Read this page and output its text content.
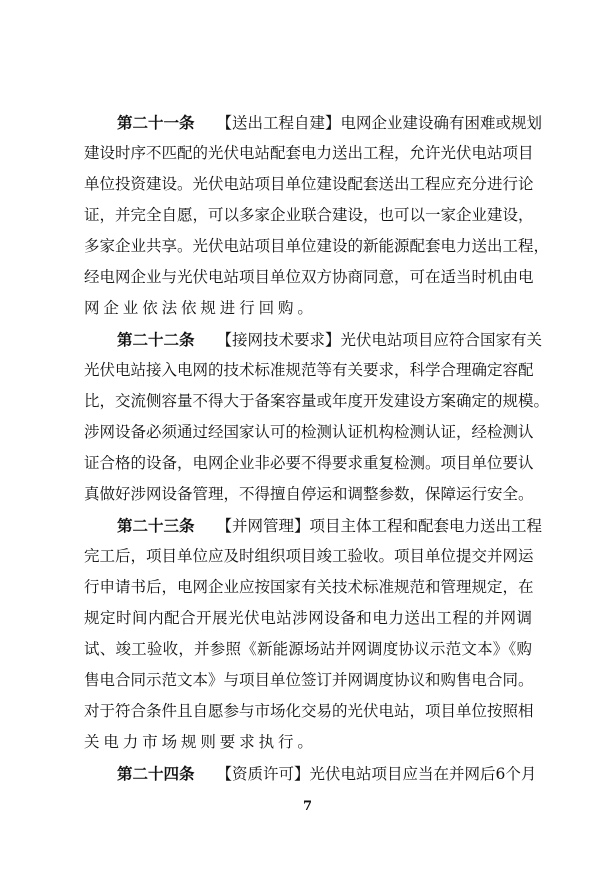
第二十一条 【送出工程自建】电网企业建设确有困难或规划
建设时序不匹配的光伏电站配套电力送出工程，允许光伏电站项目
单位投资建设。光伏电站项目单位建设配套送出工程应充分进行论
证，并完全自愿，可以多家企业联合建设，也可以一家企业建设，
多家企业共享。光伏电站项目单位建设的新能源配套电力送出工程，
经电网企业与光伏电站项目单位双方协商同意，可在适当时机由电
网企业依法依规进行回购。
第二十二条 【接网技术要求】光伏电站项目应符合国家有关
光伏电站接入电网的技术标准规范等有关要求，科学合理确定容配
比，交流侧容量不得大于备案容量或年度开发建设方案确定的规模。
涉网设备必须通过经国家认可的检测认证机构检测认证，经检测认
证合格的设备，电网企业非必要不得要求重复检测。项目单位要认
真做好涉网设备管理，不得擅自停运和调整参数，保障运行安全。
第二十三条 【并网管理】项目主体工程和配套电力送出工程
完工后，项目单位应及时组织项目竣工验收。项目单位提交并网运
行申请书后，电网企业应按国家有关技术标准规范和管理规定，在
规定时间内配合开展光伏电站涉网设备和电力送出工程的并网调
试、竣工验收，并参照《新能源场站并网调度协议示范文本》《购
售电合同示范文本》与项目单位签订并网调度协议和购售电合同。
对于符合条件且自愿参与市场化交易的光伏电站，项目单位按照相
关电力市场规则要求执行。
第二十四条 【资质许可】光伏电站项目应当在并网后6个月
7
